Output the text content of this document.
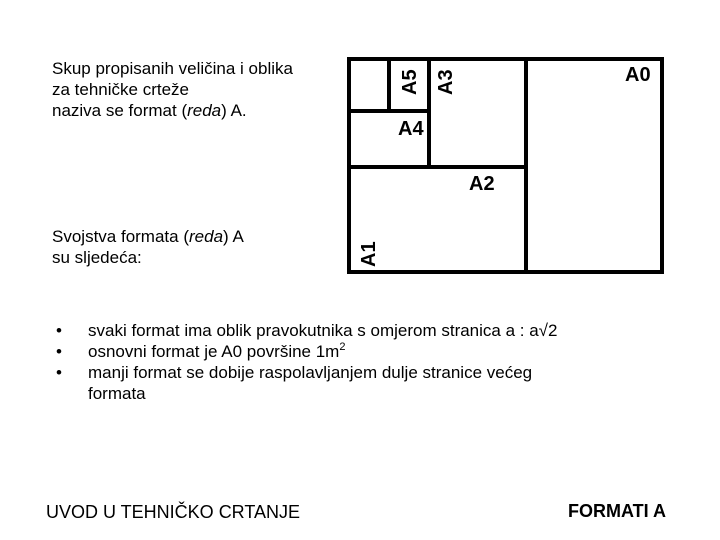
Skup propisanih veličina i oblika
za tehničke crteže
naziva se format (reda) A.
Svojstva formata (reda) A
su sljedeća:
• svaki format ima oblik pravokutnika s omjerom stranica a : a√2
• osnovni format je A0 površine $1m^2$
• manji format se dobije raspolavljanjem dulje stranice većeg
formata
A0
A2
A4
A1
A3
A5
UVOD U TEHNIČKO CRTANJE	FORMATI A
